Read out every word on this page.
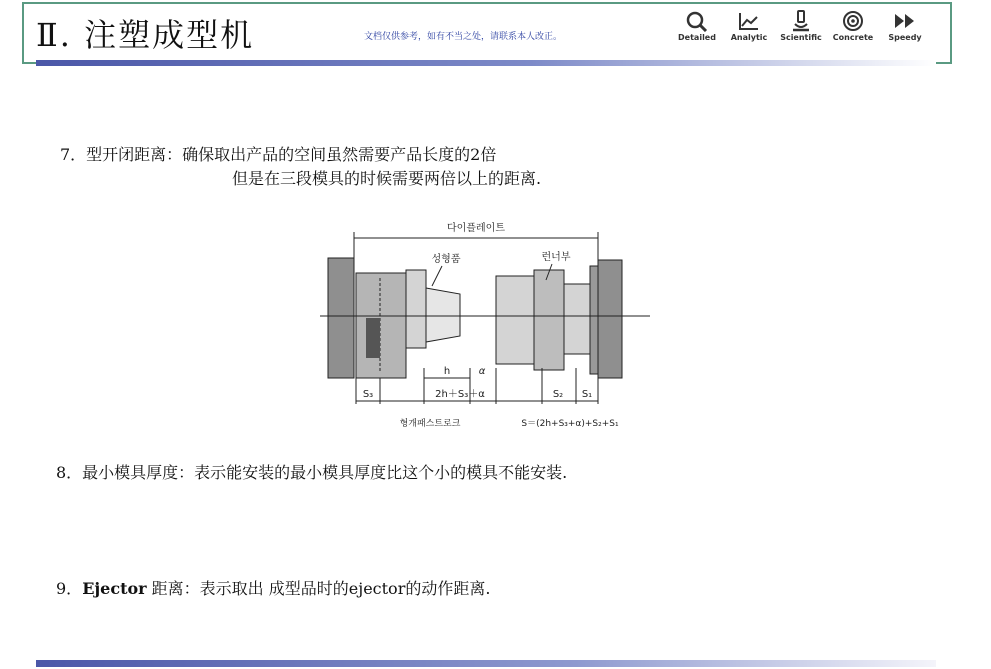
Ⅱ. 注塑成型机	文档仅供参考，如有不当之处，请联系本人改正。	Detailed	Analytic	Scientific	Concrete	Speedy
7．型开闭距离：确保取出产品的空间虽然需要产品长度的2倍
但是在三段模具的时候需要两倍以上的距离.
다이플레이트
성형품	런너부
h	α
S₃	2h＋S₃＋α	S₂ S₁
형개패스트로크	S＝(2h+S₃+α)+S₂+S₁
8．最小模具厚度：表示能安装的最小模具厚度比这个小的模具不能安装.
9．Ejector 距离：表示取出 成型品时的ejector的动作距离.
